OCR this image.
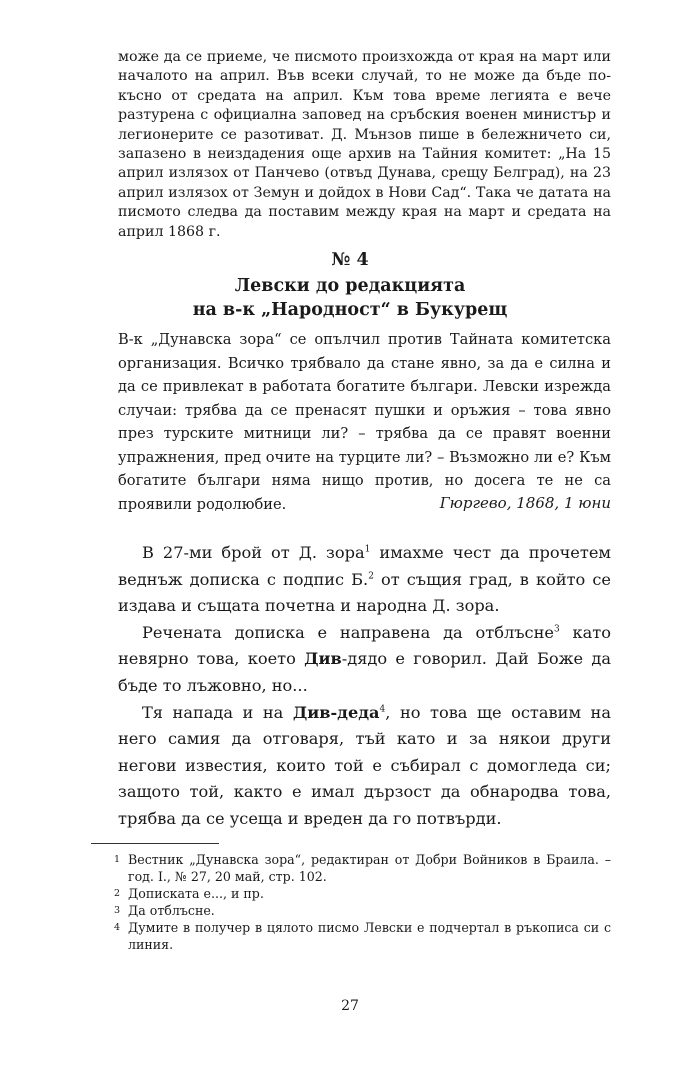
може да се приеме, че писмото произхожда от края на март или началото на април. Във всеки случай, то не може да бъде по-късно от средата на април. Към това време легията е вече разтурена с официална заповед на сръбския военен министър и легионерите се разотиват. Д. Мънзов пише в бележничето си, запазено в неиздадения още архив на Тайния комитет: „На 15 април излязох от Панчево (отвъд Дунава, срещу Белград), на 23 април излязох от Земун и дойдох в Нови Сад“. Така че датата на писмото следва да поставим между края на март и средата на април 1868 г.

№ 4
Левски до редакцията
на в-к „Народност“ в Букурещ

В-к „Дунавска зора“ се опълчил против Тайната комитетска организация. Всичко трябвало да стане явно, за да е силна и да се привлекат в работата богатите българи. Левски изрежда случаи: трябва да се пренасят пушки и оръжия – това явно през турските митници ли? – трябва да се правят военни упражнения, пред очите на турците ли? – Възможно ли е? Към богатите българи няма нищо против, но досега те не са проявили родолюбие.	Гюргево, 1868, 1 юни

В 27-ми брой от Д. зора$^1$ имахме чест да прочетем веднъж дописка с подпис Б.$^2$ от същия град, в който се издава и същата почетна и народна Д. зора.

Речената дописка е направена да отблъсне$^3$ като невярно това, което Див-дядо е говорил. Дай Боже да бъде то лъжовно, но...

Тя напада и на Див-деда$^4$, но това ще оставим на него самия да отговаря, тъй като и за някои други негови известия, които той е събирал с домогледа си; защото той, както е имал дързост да обнародва това, трябва да се усеща и вреден да го потвърди.

1 Вестник „Дунавска зора“, редактиран от Добри Войников в Браила. – год. I., № 27, 20 май, стр. 102.
2 Дописката е..., и пр.
3 Да отблъсне.
4 Думите в получер в цялото писмо Левски е подчертал в ръкописа си с линия.
27
